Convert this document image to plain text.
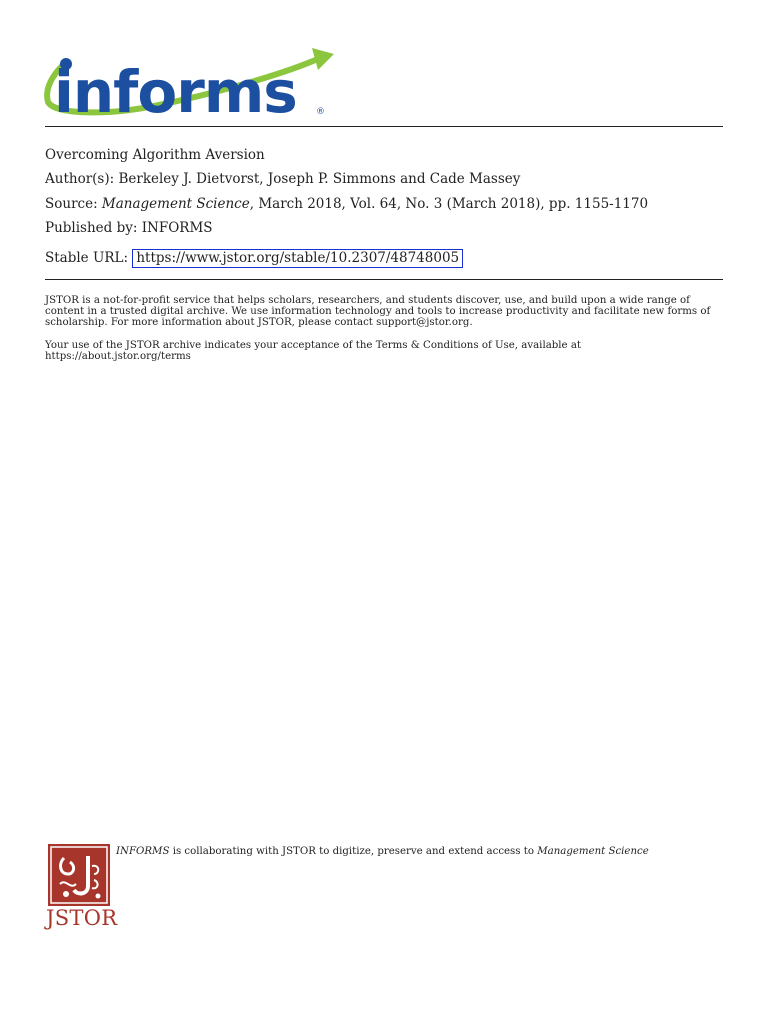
informs ®
Overcoming Algorithm Aversion
Author(s): Berkeley J. Dietvorst, Joseph P. Simmons and Cade Massey
Source: Management Science, March 2018, Vol. 64, No. 3 (March 2018), pp. 1155-1170
Published by: INFORMS
Stable URL: https://www.jstor.org/stable/10.2307/48748005
JSTOR is a not-for-profit service that helps scholars, researchers, and students discover, use, and build upon a wide range of content in a trusted digital archive. We use information technology and tools to increase productivity and facilitate new forms of scholarship. For more information about JSTOR, please contact support@jstor.org.
Your use of the JSTOR archive indicates your acceptance of the Terms & Conditions of Use, available at https://about.jstor.org/terms
JSTOR
INFORMS is collaborating with JSTOR to digitize, preserve and extend access to Management Science
